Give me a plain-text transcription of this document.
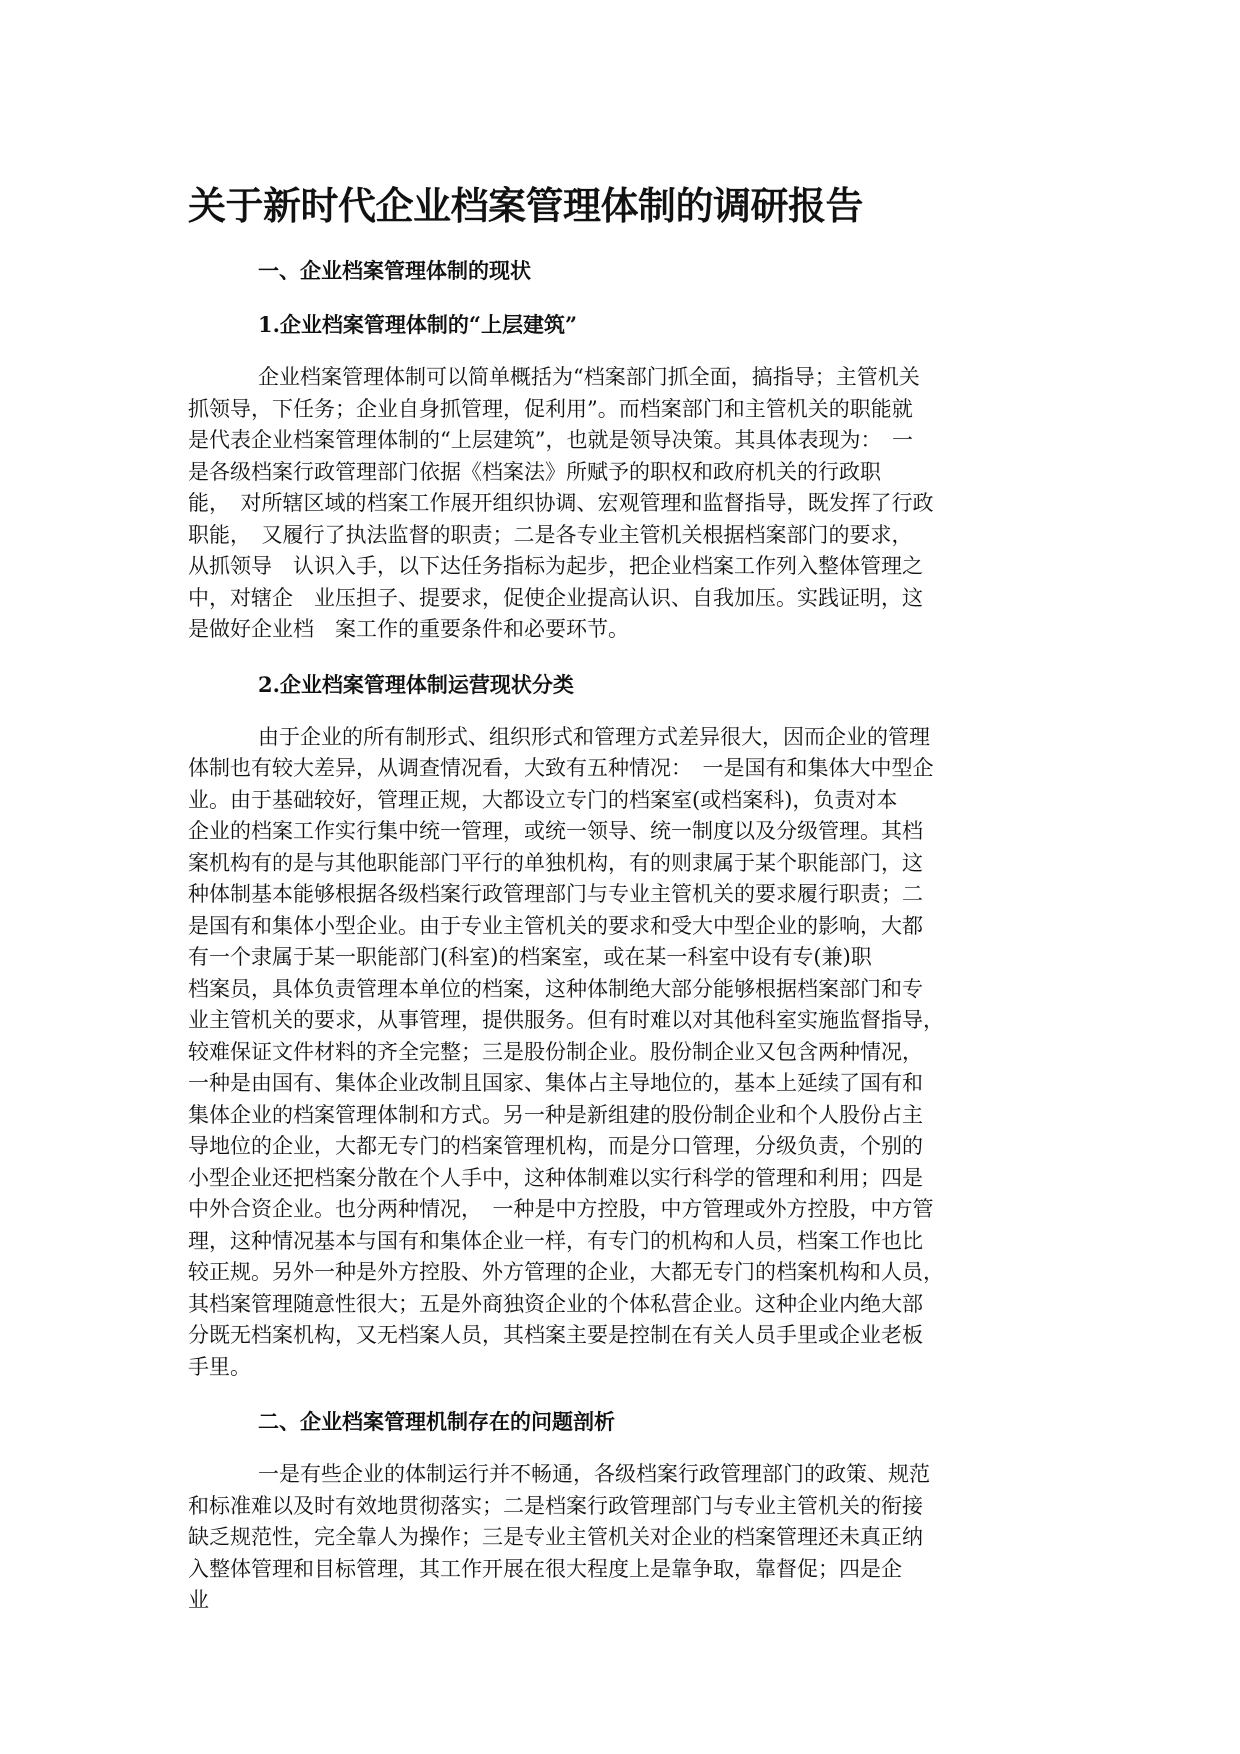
关于新时代企业档案管理体制的调研报告
一、企业档案管理体制的现状
1.企业档案管理体制的“上层建筑”
企业档案管理体制可以简单概括为“档案部门抓全面，搞指导；主管机关
抓领导，下任务；企业自身抓管理，促利用”。而档案部门和主管机关的职能就
是代表企业档案管理体制的“上层建筑”，也就是领导决策。其具体表现为：　一
是各级档案行政管理部门依据《档案法》所赋予的职权和政府机关的行政职
能，　对所辖区域的档案工作展开组织协调、宏观管理和监督指导，既发挥了行政
职能，　又履行了执法监督的职责；二是各专业主管机关根据档案部门的要求，
从抓领导　认识入手，以下达任务指标为起步，把企业档案工作列入整体管理之
中，对辖企　业压担子、提要求，促使企业提高认识、自我加压。实践证明，这
是做好企业档　案工作的重要条件和必要环节。
2.企业档案管理体制运营现状分类
由于企业的所有制形式、组织形式和管理方式差异很大，因而企业的管理
体制也有较大差异，从调查情况看，大致有五种情况：　一是国有和集体大中型企
业。由于基础较好，管理正规，大都设立专门的档案室(或档案科)，负责对本
企业的档案工作实行集中统一管理，或统一领导、统一制度以及分级管理。其档
案机构有的是与其他职能部门平行的单独机构，有的则隶属于某个职能部门，这
种体制基本能够根据各级档案行政管理部门与专业主管机关的要求履行职责；二
是国有和集体小型企业。由于专业主管机关的要求和受大中型企业的影响，大都
有一个隶属于某一职能部门(科室)的档案室，或在某一科室中设有专(兼)职
档案员，具体负责管理本单位的档案，这种体制绝大部分能够根据档案部门和专
业主管机关的要求，从事管理，提供服务。但有时难以对其他科室实施监督指导，
较难保证文件材料的齐全完整；三是股份制企业。股份制企业又包含两种情况，
一种是由国有、集体企业改制且国家、集体占主导地位的，基本上延续了国有和
集体企业的档案管理体制和方式。另一种是新组建的股份制企业和个人股份占主
导地位的企业，大都无专门的档案管理机构，而是分口管理，分级负责，个别的
小型企业还把档案分散在个人手中，这种体制难以实行科学的管理和利用；四是
中外合资企业。也分两种情况，　一种是中方控股，中方管理或外方控股，中方管
理，这种情况基本与国有和集体企业一样，有专门的机构和人员，档案工作也比
较正规。另外一种是外方控股、外方管理的企业，大都无专门的档案机构和人员，
其档案管理随意性很大；五是外商独资企业的个体私营企业。这种企业内绝大部
分既无档案机构，又无档案人员，其档案主要是控制在有关人员手里或企业老板
手里。
二、企业档案管理机制存在的问题剖析
一是有些企业的体制运行并不畅通，各级档案行政管理部门的政策、规范
和标准难以及时有效地贯彻落实；二是档案行政管理部门与专业主管机关的衔接
缺乏规范性，完全靠人为操作；三是专业主管机关对企业的档案管理还未真正纳
入整体管理和目标管理，其工作开展在很大程度上是靠争取，靠督促；四是企
业
